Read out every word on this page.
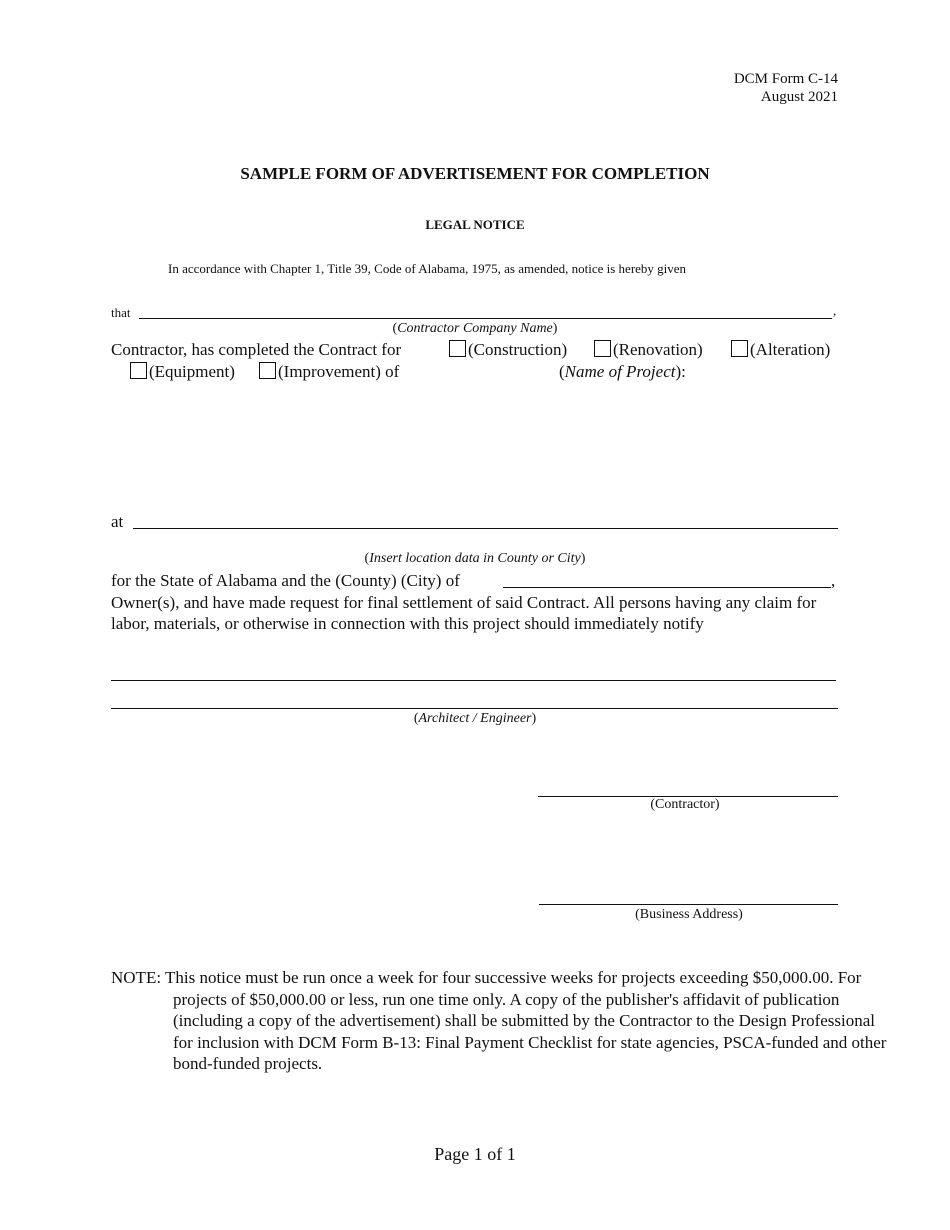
DCM Form C-14
August 2021
SAMPLE FORM OF ADVERTISEMENT FOR COMPLETION
LEGAL NOTICE
In accordance with Chapter 1, Title 39, Code of Alabama, 1975, as amended, notice is hereby given
that	,
(Contractor Company Name)
Contractor, has completed the Contract for	(Construction)	(Renovation)	(Alteration)
(Equipment)	(Improvement) of	(Name of Project):
at
(Insert location data in County or City)
for the State of Alabama and the (County) (City) of	,
Owner(s), and have made request for final settlement of said Contract. All persons having any claim for labor, materials, or otherwise in connection with this project should immediately notify
(Architect / Engineer)
(Contractor)
(Business Address)
NOTE: This notice must be run once a week for four successive weeks for projects exceeding $50,000.00. For projects of $50,000.00 or less, run one time only. A copy of the publisher's affidavit of publication (including a copy of the advertisement) shall be submitted by the Contractor to the Design Professional for inclusion with DCM Form B-13: Final Payment Checklist for state agencies, PSCA-funded and other bond-funded projects.
Page 1 of 1
